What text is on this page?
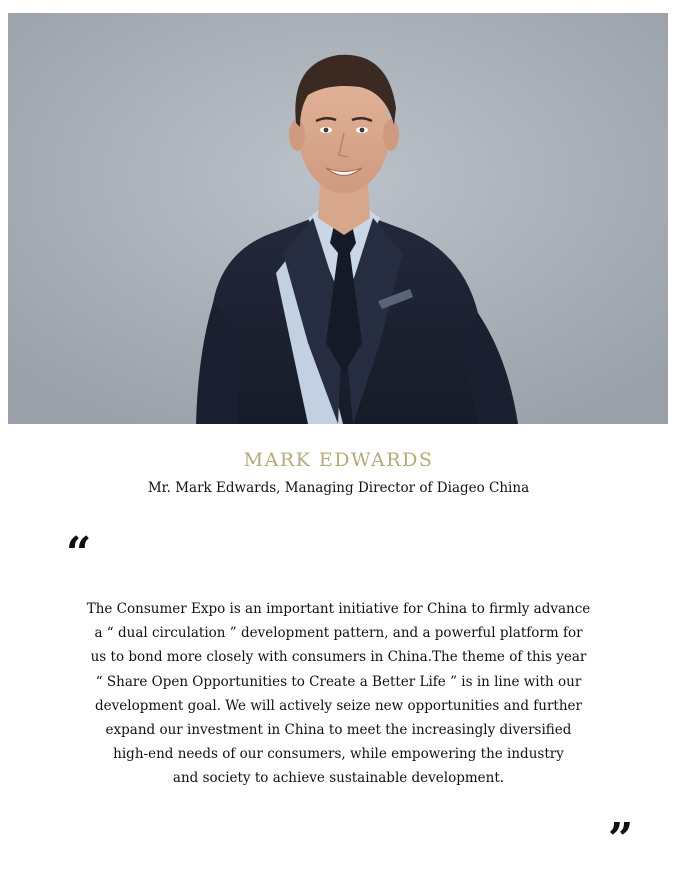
MARK EDWARDS
Mr. Mark Edwards, Managing Director of Diageo China
“
The Consumer Expo is an important initiative for China to firmly advance
a “ dual circulation ” development pattern, and a powerful platform for
us to bond more closely with consumers in China.The theme of this year
“ Share Open Opportunities to Create a Better Life ” is in line with our
development goal. We will actively seize new opportunities and further
expand our investment in China to meet the increasingly diversified
high-end needs of our consumers, while empowering the industry
and society to achieve sustainable development.
”
